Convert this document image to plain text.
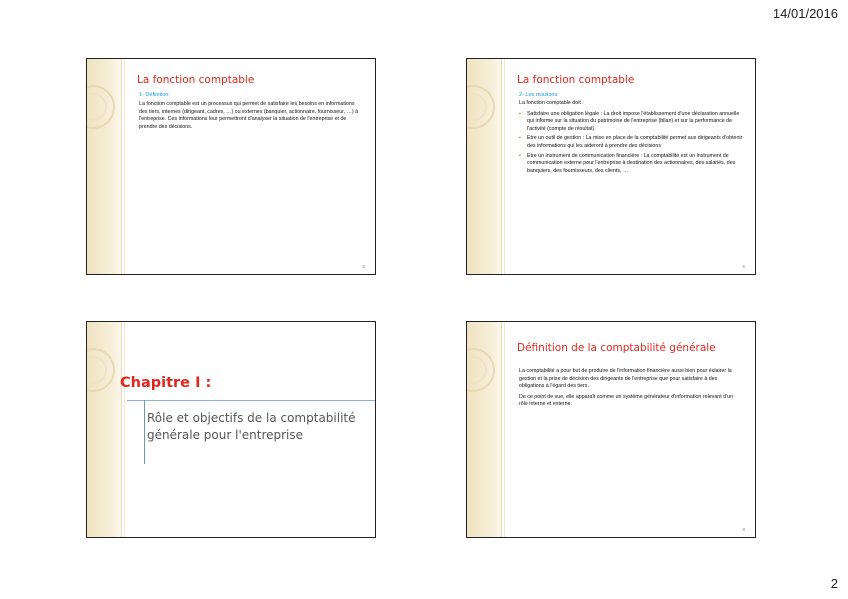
14/01/2016
La fonction comptable
1- Définition:
La fonction comptable est un processus qui permet de satisfaire les besoins en informations des tiers, internes (dirigeant, cadres, …) ou externes (banquier, actionnaire, fournisseur, …) à l'entreprise. Ces informations leur permettront d'analyser la situation de l'entreprise et de prendre des décisions.
5
La fonction comptable
2- Les missions:
La fonction comptable doit :
▪ Satisfaire une obligation légale : La droit impose l'établissement d'une déclaration annuelle qui informe sur la situation du patrimoine de l'entreprise (bilan) et sur la performance de l'activité (compte de résultat).
▪ Etre un outil de gestion : La mise en place de la comptabilité permet aux dirigeants d'obtenir des informations qui les aideront à prendre des décisions
▪ Etre un instrument de communication financière : La comptabilité est un instrument de communication externe pour l'entreprise à destination des actionnaires, des salariés, des banquiers, des fournisseurs, des clients, …
6
Chapitre I :
Rôle et objectifs de la comptabilité générale pour l'entreprise
Définition de la comptabilité générale
La comptabilité a pour but de produire de l'information financière aussi bien pour éclairer la gestion et la prise de décision des dirigeants de l'entreprise que pour satisfaire à des obligations à l'égard des tiers.
De ce point de vue, elle apparaît comme un système générateur d'information relevant d'un rôle interne et externe.
8
2
